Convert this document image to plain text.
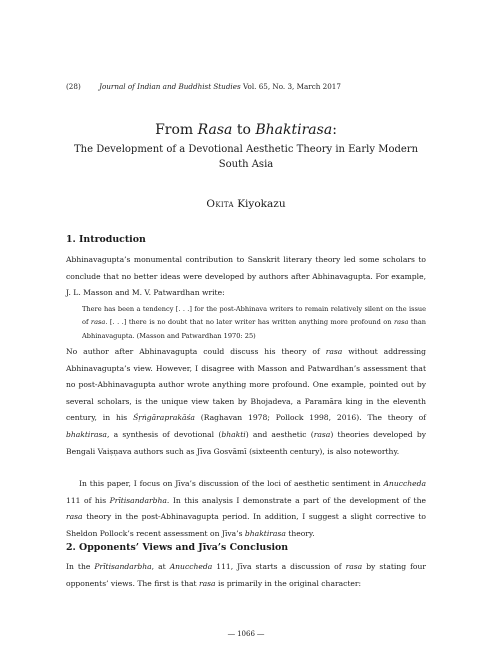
(28)	Journal of Indian and Buddhist Studies Vol. 65, No. 3, March 2017
From Rasa to Bhaktirasa:
The Development of a Devotional Aesthetic Theory in Early Modern South Asia
Okita Kiyokazu
1. Introduction

Abhinavagupta’s monumental contribution to Sanskrit literary theory led some scholars to conclude that no better ideas were developed by authors after Abhinavagupta. For example, J. L. Masson and M. V. Patwardhan write:

There has been a tendency [. . .] for the post-Abhinava writers to remain relatively silent on the issue of rasa. [. . .] there is no doubt that no later writer has written anything more profound on rasa than Abhinavagupta. (Masson and Patwardhan 1970: 25)

No author after Abhinavagupta could discuss his theory of rasa without addressing Abhinavagupta’s view. However, I disagree with Masson and Patwardhan’s assessment that no post-Abhinavagupta author wrote anything more profound. One example, pointed out by several scholars, is the unique view taken by Bhojadeva, a Paramāra king in the eleventh century, in his Śṛṅgāraprakāśa (Raghavan 1978; Pollock 1998, 2016). The theory of bhaktirasa, a synthesis of devotional (bhakti) and aesthetic (rasa) theories developed by Bengali Vaiṣṇava authors such as Jīva Gosvāmī (sixteenth century), is also noteworthy.

In this paper, I focus on Jīva’s discussion of the loci of aesthetic sentiment in Anuccheda 111 of his Prītisandarbha. In this analysis I demonstrate a part of the development of the rasa theory in the post-Abhinavagupta period. In addition, I suggest a slight corrective to Sheldon Pollock’s recent assessment on Jīva’s bhaktirasa theory.

2. Opponents’ Views and Jīva’s Conclusion

In the Prītisandarbha, at Anuccheda 111, Jīva starts a discussion of rasa by stating four opponents’ views. The first is that rasa is primarily in the original character:

― 1066 ―
